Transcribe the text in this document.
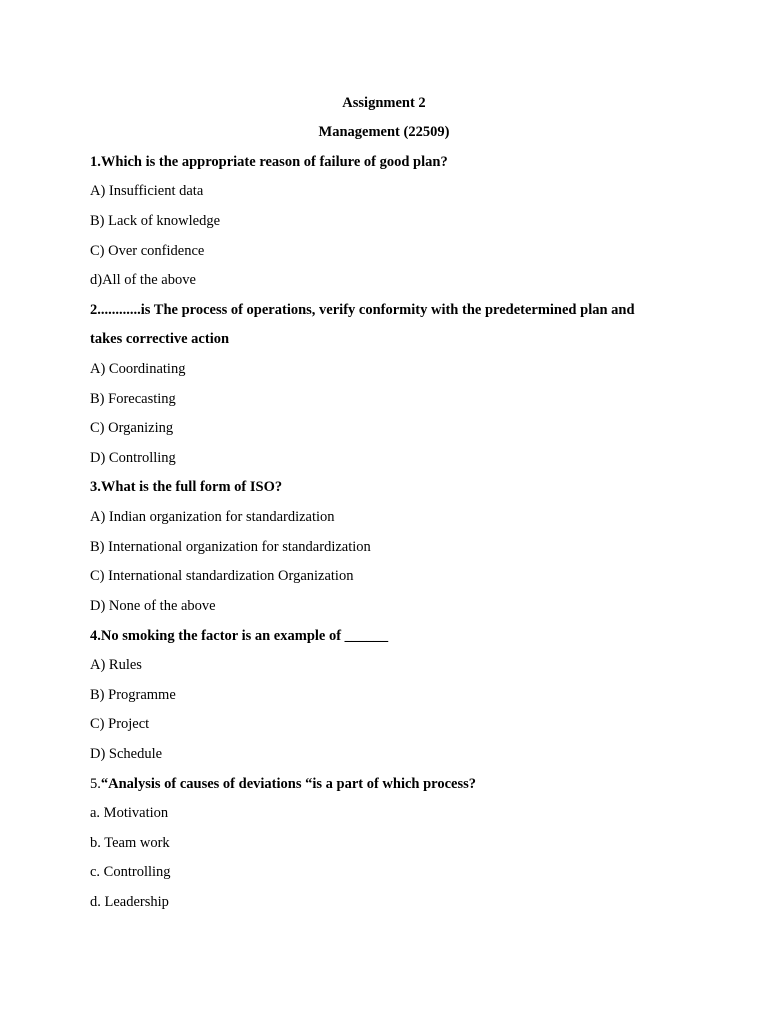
Assignment 2
Management (22509)
1.Which is the appropriate reason of failure of good plan?
A) Insufficient data
B) Lack of knowledge
C) Over confidence
d)All of the above
2............is The process of operations, verify conformity with the predetermined plan and
takes corrective action
A) Coordinating
B) Forecasting
C) Organizing
D) Controlling
3.What is the full form of ISO?
A) Indian organization for standardization
B) International organization for standardization
C) International standardization Organization
D) None of the above
4.No smoking the factor is an example of ______
A) Rules
B) Programme
C) Project
D) Schedule
5.“Analysis of causes of deviations “is a part of which process?
a. Motivation
b. Team work
c. Controlling
d. Leadership
